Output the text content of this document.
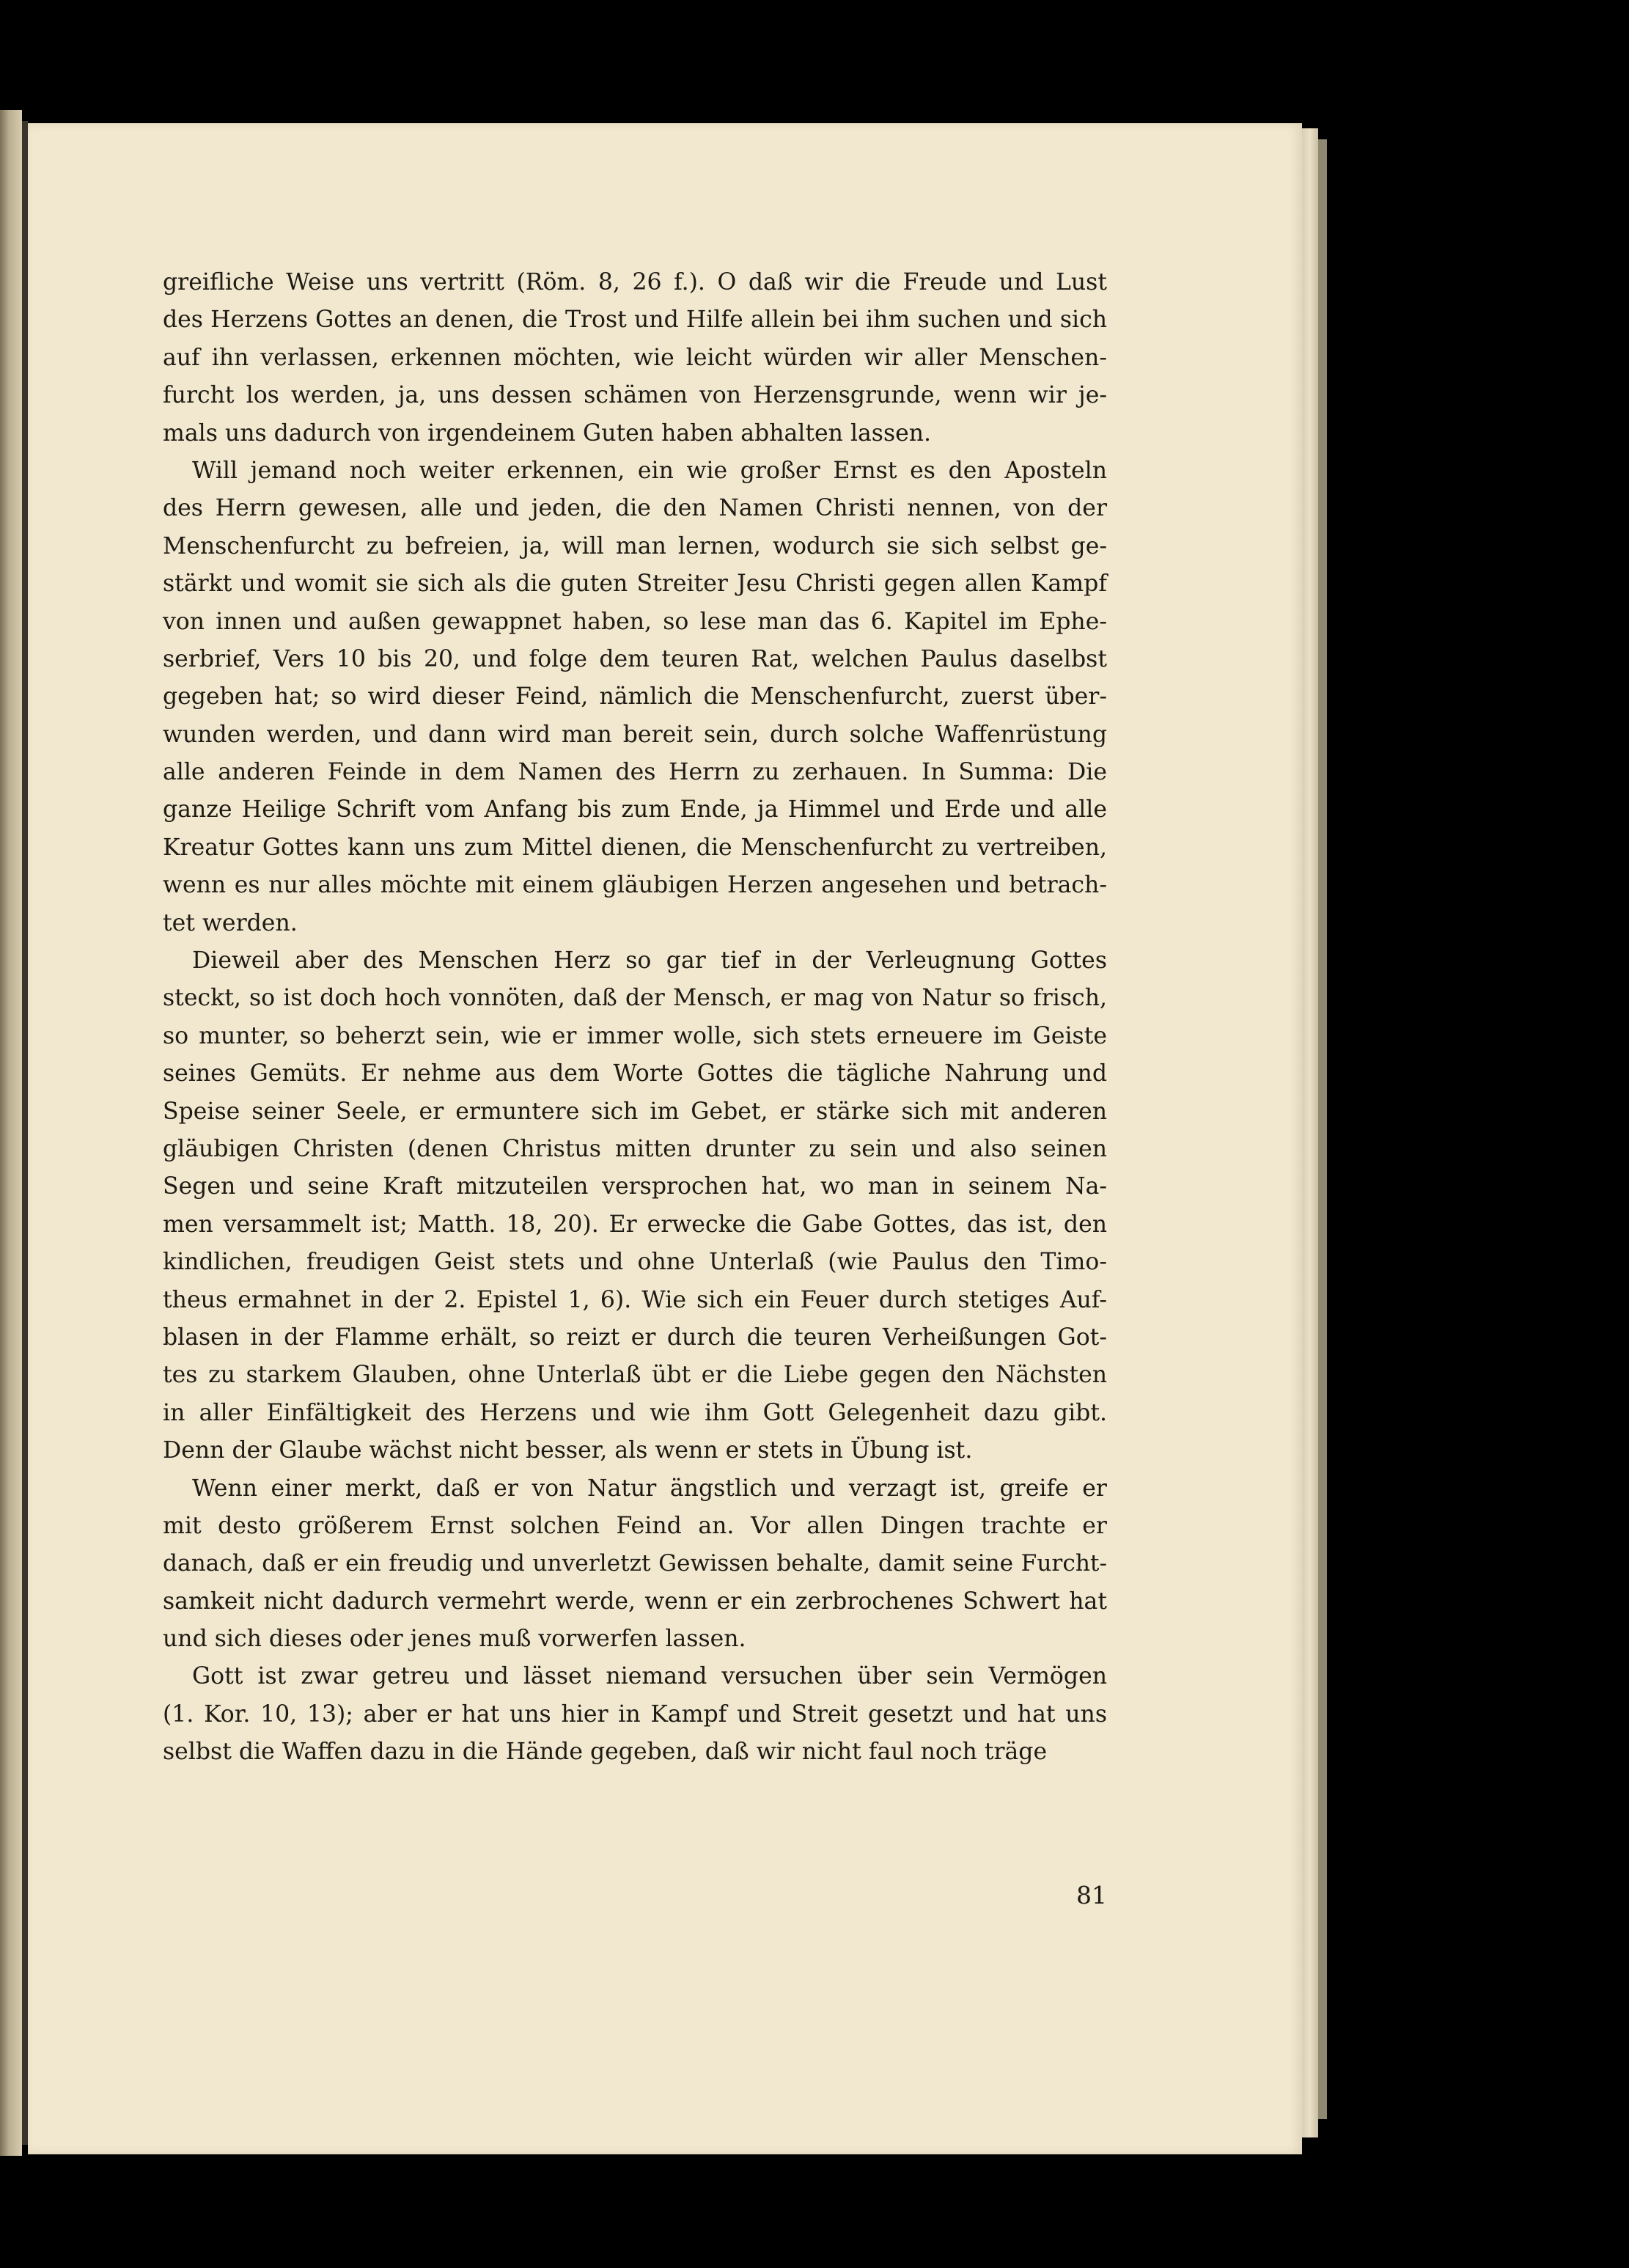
greifliche Weise uns vertritt (Röm. 8, 26 f.). O daß wir die Freude und Lust
des Herzens Gottes an denen, die Trost und Hilfe allein bei ihm suchen und sich
auf ihn verlassen, erkennen möchten, wie leicht würden wir aller Menschen-
furcht los werden, ja, uns dessen schämen von Herzensgrunde, wenn wir je-
mals uns dadurch von irgendeinem Guten haben abhalten lassen.
Will jemand noch weiter erkennen, ein wie großer Ernst es den Aposteln
des Herrn gewesen, alle und jeden, die den Namen Christi nennen, von der
Menschenfurcht zu befreien, ja, will man lernen, wodurch sie sich selbst ge-
stärkt und womit sie sich als die guten Streiter Jesu Christi gegen allen Kampf
von innen und außen gewappnet haben, so lese man das 6. Kapitel im Ephe-
serbrief, Vers 10 bis 20, und folge dem teuren Rat, welchen Paulus daselbst
gegeben hat; so wird dieser Feind, nämlich die Menschenfurcht, zuerst über-
wunden werden, und dann wird man bereit sein, durch solche Waffenrüstung
alle anderen Feinde in dem Namen des Herrn zu zerhauen. In Summa: Die
ganze Heilige Schrift vom Anfang bis zum Ende, ja Himmel und Erde und alle
Kreatur Gottes kann uns zum Mittel dienen, die Menschenfurcht zu vertreiben,
wenn es nur alles möchte mit einem gläubigen Herzen angesehen und betrach-
tet werden.
Dieweil aber des Menschen Herz so gar tief in der Verleugnung Gottes
steckt, so ist doch hoch vonnöten, daß der Mensch, er mag von Natur so frisch,
so munter, so beherzt sein, wie er immer wolle, sich stets erneuere im Geiste
seines Gemüts. Er nehme aus dem Worte Gottes die tägliche Nahrung und
Speise seiner Seele, er ermuntere sich im Gebet, er stärke sich mit anderen
gläubigen Christen (denen Christus mitten drunter zu sein und also seinen
Segen und seine Kraft mitzuteilen versprochen hat, wo man in seinem Na-
men versammelt ist; Matth. 18, 20). Er erwecke die Gabe Gottes, das ist, den
kindlichen, freudigen Geist stets und ohne Unterlaß (wie Paulus den Timo-
theus ermahnet in der 2. Epistel 1, 6). Wie sich ein Feuer durch stetiges Auf-
blasen in der Flamme erhält, so reizt er durch die teuren Verheißungen Got-
tes zu starkem Glauben, ohne Unterlaß übt er die Liebe gegen den Nächsten
in aller Einfältigkeit des Herzens und wie ihm Gott Gelegenheit dazu gibt.
Denn der Glaube wächst nicht besser, als wenn er stets in Übung ist.
Wenn einer merkt, daß er von Natur ängstlich und verzagt ist, greife er
mit desto größerem Ernst solchen Feind an. Vor allen Dingen trachte er
danach, daß er ein freudig und unverletzt Gewissen behalte, damit seine Furcht-
samkeit nicht dadurch vermehrt werde, wenn er ein zerbrochenes Schwert hat
und sich dieses oder jenes muß vorwerfen lassen.
Gott ist zwar getreu und lässet niemand versuchen über sein Vermögen
(1. Kor. 10, 13); aber er hat uns hier in Kampf und Streit gesetzt und hat uns
selbst die Waffen dazu in die Hände gegeben, daß wir nicht faul noch träge
81
